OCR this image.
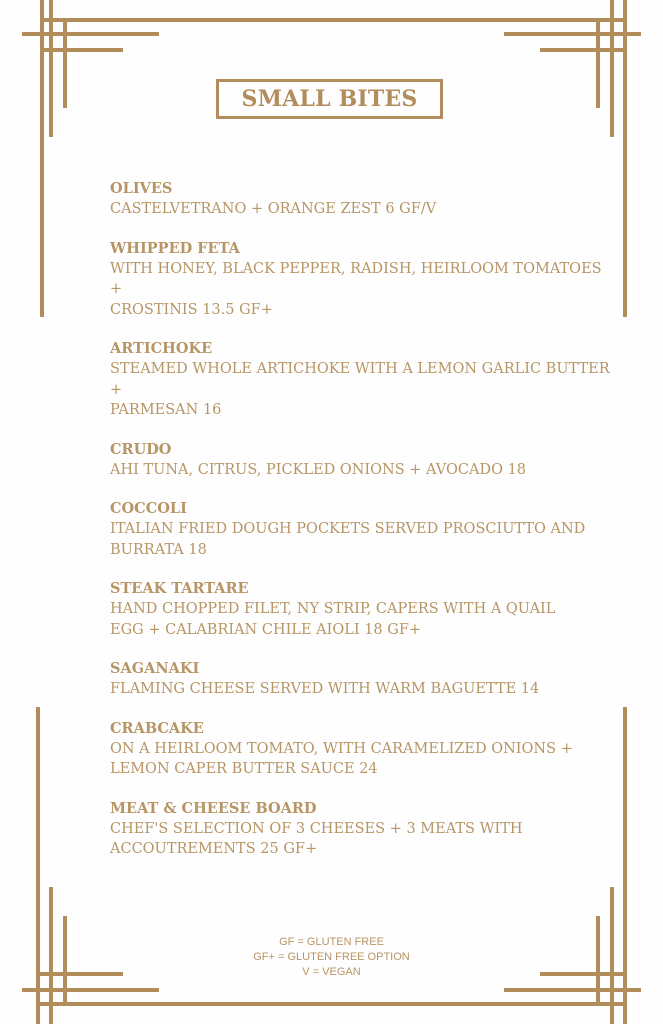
SMALL BITES
OLIVES
CASTELVETRANO + ORANGE ZEST 6 GF/V
WHIPPED FETA
WITH HONEY, BLACK PEPPER, RADISH, HEIRLOOM TOMATOES +
CROSTINIS 13.5 GF+
ARTICHOKE
STEAMED WHOLE ARTICHOKE WITH A LEMON GARLIC BUTTER +
PARMESAN 16
CRUDO
AHI TUNA, CITRUS, PICKLED ONIONS + AVOCADO 18
COCCOLI
ITALIAN FRIED DOUGH POCKETS SERVED PROSCIUTTO AND
BURRATA 18
STEAK TARTARE
HAND CHOPPED FILET, NY STRIP, CAPERS WITH A QUAIL
EGG + CALABRIAN CHILE AIOLI 18 GF+
SAGANAKI
FLAMING CHEESE SERVED WITH WARM BAGUETTE 14
CRABCAKE
ON A HEIRLOOM TOMATO, WITH CARAMELIZED ONIONS +
LEMON CAPER BUTTER SAUCE 24
MEAT & CHEESE BOARD
CHEF'S SELECTION OF 3 CHEESES + 3 MEATS WITH
ACCOUTREMENTS 25 GF+
GF = GLUTEN FREE
GF+ = GLUTEN FREE OPTION
V = VEGAN
